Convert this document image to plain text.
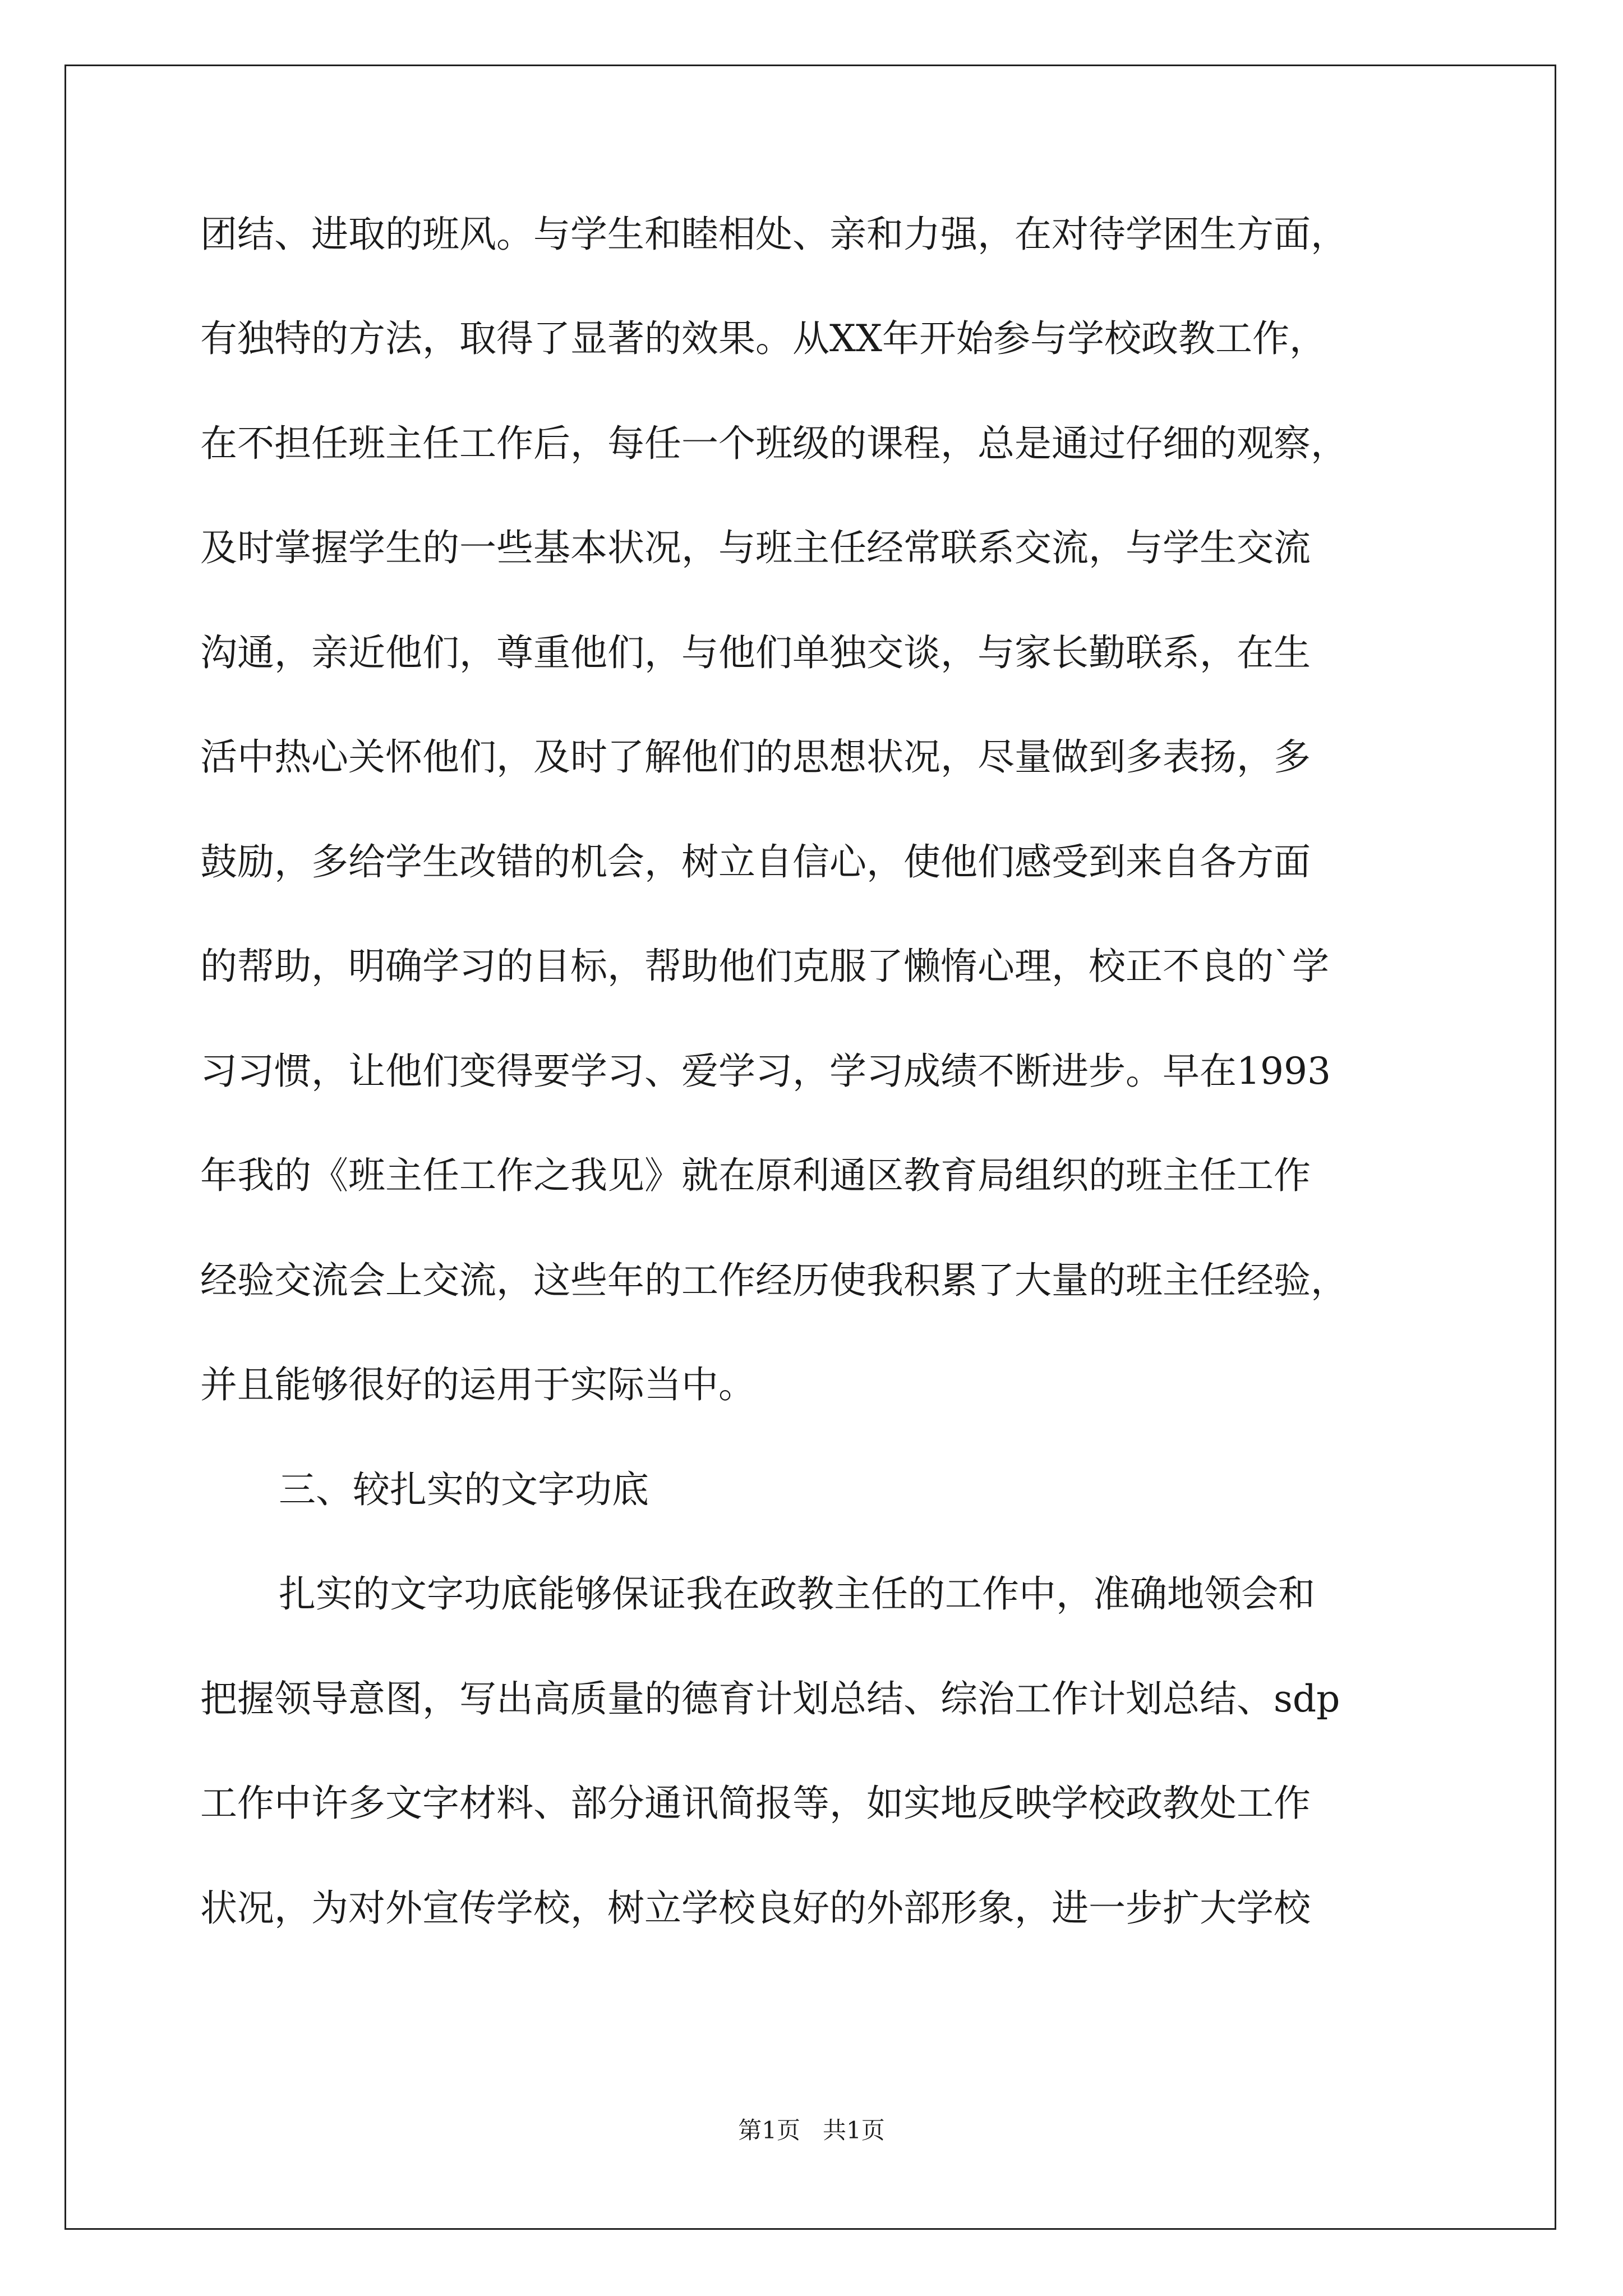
团结、进取的班风。与学生和睦相处、亲和力强，在对待学困生方面，

有独特的方法，取得了显著的效果。从XX年开始参与学校政教工作，

在不担任班主任工作后，每任一个班级的课程，总是通过仔细的观察，

及时掌握学生的一些基本状况，与班主任经常联系交流，与学生交流

沟通，亲近他们，尊重他们，与他们单独交谈，与家长勤联系，在生

活中热心关怀他们，及时了解他们的思想状况，尽量做到多表扬，多

鼓励，多给学生改错的机会，树立自信心，使他们感受到来自各方面

的帮助，明确学习的目标，帮助他们克服了懒惰心理，校正不良的`学

习习惯，让他们变得要学习、爱学习，学习成绩不断进步。早在1993

年我的《班主任工作之我见》就在原利通区教育局组织的班主任工作

经验交流会上交流，这些年的工作经历使我积累了大量的班主任经验，

并且能够很好的运用于实际当中。

三、较扎实的文字功底

扎实的文字功底能够保证我在政教主任的工作中，准确地领会和

把握领导意图，写出高质量的德育计划总结、综治工作计划总结、sdp

工作中许多文字材料、部分通讯简报等，如实地反映学校政教处工作

状况，为对外宣传学校，树立学校良好的外部形象，进一步扩大学校

第1页   共1页
